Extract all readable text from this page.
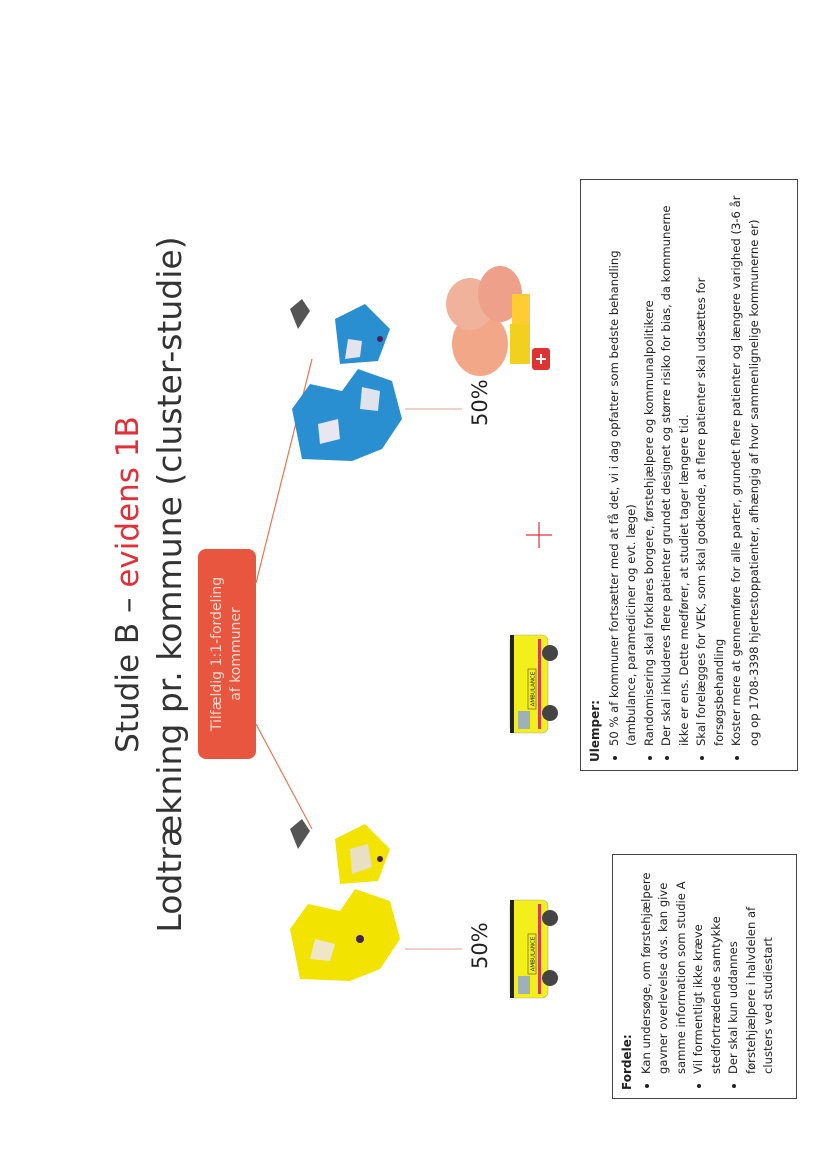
Studie B – evidens 1B Lodtrækning pr. kommune (cluster-studie) Tilfældig 1:1-fordeling af kommuner
50%
50%
AMBULANCE
AMBULANCE
Fordele: • Kan undersøge, om førstehjælpere gavner overlevelse dvs. kan give samme information som studie A • Vil formentligt ikke kræve stedfortrædende samtykke • Der skal kun uddannes førstehjælpere i halvdelen af clusters ved studiestart
Ulemper: • 50 % af kommuner fortsætter med at få det, vi i dag opfatter som bedste behandling (ambulance, paramediciner og evt. læge) • Randomisering skal forklares borgere, førstehjælpere og kommunalpolitikere • Der skal inkluderes flere patienter grundet designet og større risiko for bias, da kommunerne ikke er ens. Dette medfører, at studiet tager længere tid. • Skal forelægges for VEK, som skal godkende, at flere patienter skal udsættes for forsøgsbehandling • Koster mere at gennemføre for alle parter, grundet flere patienter og længere varighed (3-6 år og op 1708-3398 hjertestoppatienter, afhængig af hvor sammenlignelige kommunerne er)
